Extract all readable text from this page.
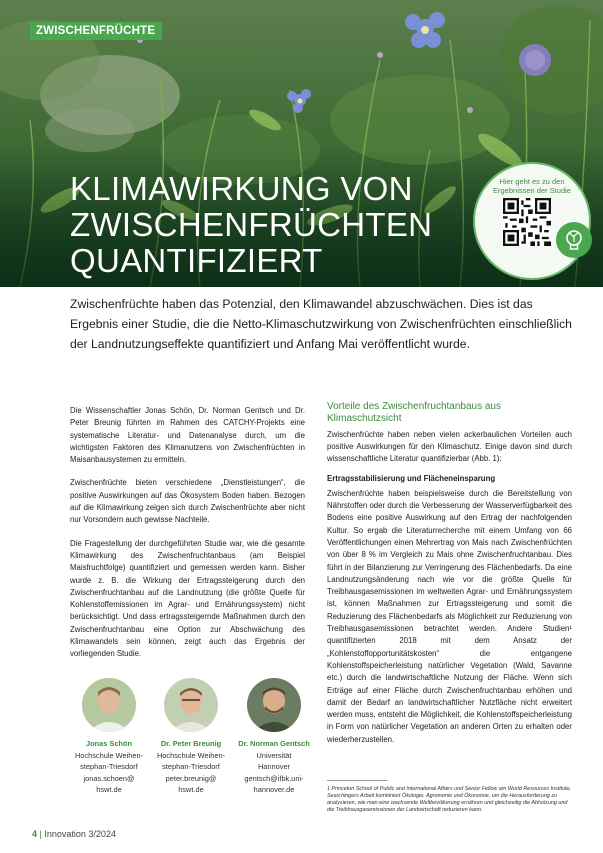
ZWISCHENFRÜCHTE
KLIMAWIRKUNG VON
ZWISCHENFRÜCHTEN
QUANTIFIZIERT
Hier geht es zu den
Ergebnissen der Studie

Zwischenfrüchte haben das Potenzial, den Klimawandel abzuschwächen. Dies ist das Ergebnis einer Studie, die die Netto-Klimaschutzwirkung von Zwischenfrüchten einschließlich der Landnutzungseffekte quantifiziert und Anfang Mai veröffentlicht wurde.

Die Wissenschaftler Jonas Schön, Dr. Norman Gentsch und Dr. Peter Breunig führten im Rahmen des CATCHY-Projekts eine systematische Literatur- und Datenanalyse durch, um die wichtigsten Faktoren des Klimanutzens von Zwischenfrüchten in Maisanbausystemen zu ermitteln.

Zwischenfrüchte bieten verschiedene „Dienstleistungen“, die positive Auswirkungen auf das Ökosystem Boden haben. Bezogen auf die Klimawirkung zeigen sich durch Zwischenfrüchte aber nicht nur Vorsondern auch gewisse Nachteile.

Die Fragestellung der durchgeführten Studie war, wie die gesamte Klimawirkung des Zwischenfruchtanbaus (am Beispiel Maisfruchtfolge) quantifiziert und gemessen werden kann. Bisher wurde z. B. die Wirkung der Ertragssteigerung durch den Zwischenfruchtanbau auf die Landnutzung (die größte Quelle für Kohlenstoffemissionen im Agrar- und Ernährungssystem) nicht berücksichtigt. Und dass ertragssteigernde Maßnahmen durch den Zwischenfruchtanbau eine Option zur Abschwächung des Klimawandels sein können, zeigt auch das Ergebnis der vorliegenden Studie.

Jonas Schön
Hochschule Weihen-
stephan-Triesdorf
jonas.schoen@
hswt.de
Dr. Peter Breunig
Hochschule Weihen-
stephan-Triesdorf
peter.breunig@
hswt.de
Dr. Norman Gentsch
Universität
Hannover
gentsch@ifbk.uni-
hannover.de
Vorteile des Zwischenfruchtanbaus aus Klimaschutzsicht

Zwischenfrüchte haben neben vielen ackerbaulichen Vorteilen auch positive Auswirkungen für den Klimaschutz. Einige davon sind durch wissenschaftliche Literatur quantifizierbar (Abb. 1):

Ertragsstabilisierung und Flächeneinsparung

Zwischenfrüchte haben beispielsweise durch die Bereitstellung von Nährstoffen oder durch die Verbesserung der Wasserverfügbarkeit des Bodens eine positive Auswirkung auf den Ertrag der nachfolgenden Kultur. So ergab die Literaturrecherche mit einem Umfang von 66 Veröffentlichungen einen Mehrertrag von Mais nach Zwischenfrüchten von über 8 % im Vergleich zu Mais ohne Zwischenfruchtanbau. Dies führt in der Bilanzierung zur Verringerung des Flächenbedarfs. Da eine Landnutzungsänderung nach wie vor die größte Quelle für Treibhausgasemissionen im weltweiten Agrar- und Ernährungssystem ist, können Maßnahmen zur Ertragssteigerung und somit die Reduzierung des Flächenbedarfs als Möglichkeit zur Reduzierung von Treibhausgasemissionen betrachtet werden. Andere Studien¹ quantifizierten 2018 mit dem Ansatz der „Kohlenstoffopportunitätskosten“ die entgangene Kohlenstoffspeicherleistung natürlicher Vegetation (Wald, Savanne etc.) durch die landwirtschaftliche Nutzung der Fläche. Wenn sich Erträge auf einer Fläche durch Zwischenfruchtanbau erhöhen und damit der Bedarf an landwirtschaftlicher Nutzfläche nicht erweitert werden muss, entsteht die Möglichkeit, die Kohlenstoffspeicherleistung in Form von natürlicher Vegetation an anderen Orten zu erhalten oder wiederherzustellen.

1 Princeton School of Public and International Affairs und Senior Fellow am World Resources Institute, Searchingers Arbeit kombiniert Ökologie, Agronomie und Ökonomie, um die Herausforderung zu analysieren, wie man eine wachsende Weltbevölkerung ernähren und gleichzeitig die Abholzung und die Treibhausgasemissionen der Landwirtschaft reduzieren kann.
4 | Innovation 3/2024
